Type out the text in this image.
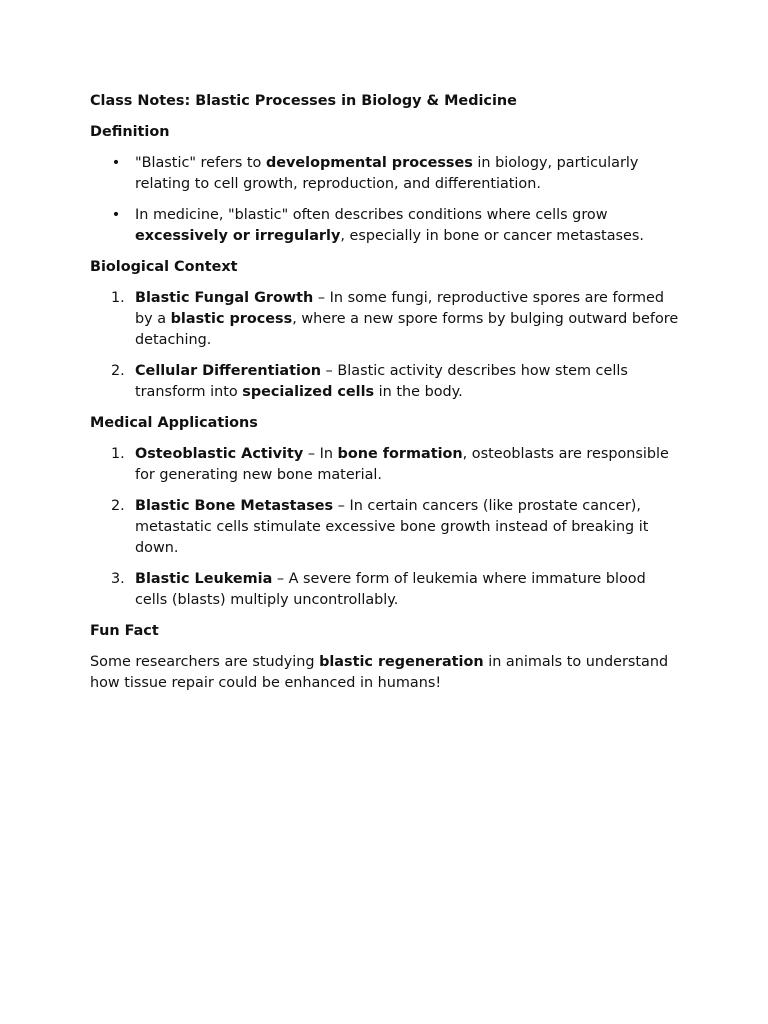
Class Notes: Blastic Processes in Biology & Medicine
Definition
• "Blastic" refers to developmental processes in biology, particularly relating to cell growth, reproduction, and differentiation.
• In medicine, "blastic" often describes conditions where cells grow excessively or irregularly, especially in bone or cancer metastases.
Biological Context
1. Blastic Fungal Growth – In some fungi, reproductive spores are formed by a blastic process, where a new spore forms by bulging outward before detaching.
2. Cellular Differentiation – Blastic activity describes how stem cells transform into specialized cells in the body.
Medical Applications
1. Osteoblastic Activity – In bone formation, osteoblasts are responsible for generating new bone material.
2. Blastic Bone Metastases – In certain cancers (like prostate cancer), metastatic cells stimulate excessive bone growth instead of breaking it down.
3. Blastic Leukemia – A severe form of leukemia where immature blood cells (blasts) multiply uncontrollably.
Fun Fact

Some researchers are studying blastic regeneration in animals to understand how tissue repair could be enhanced in humans!
